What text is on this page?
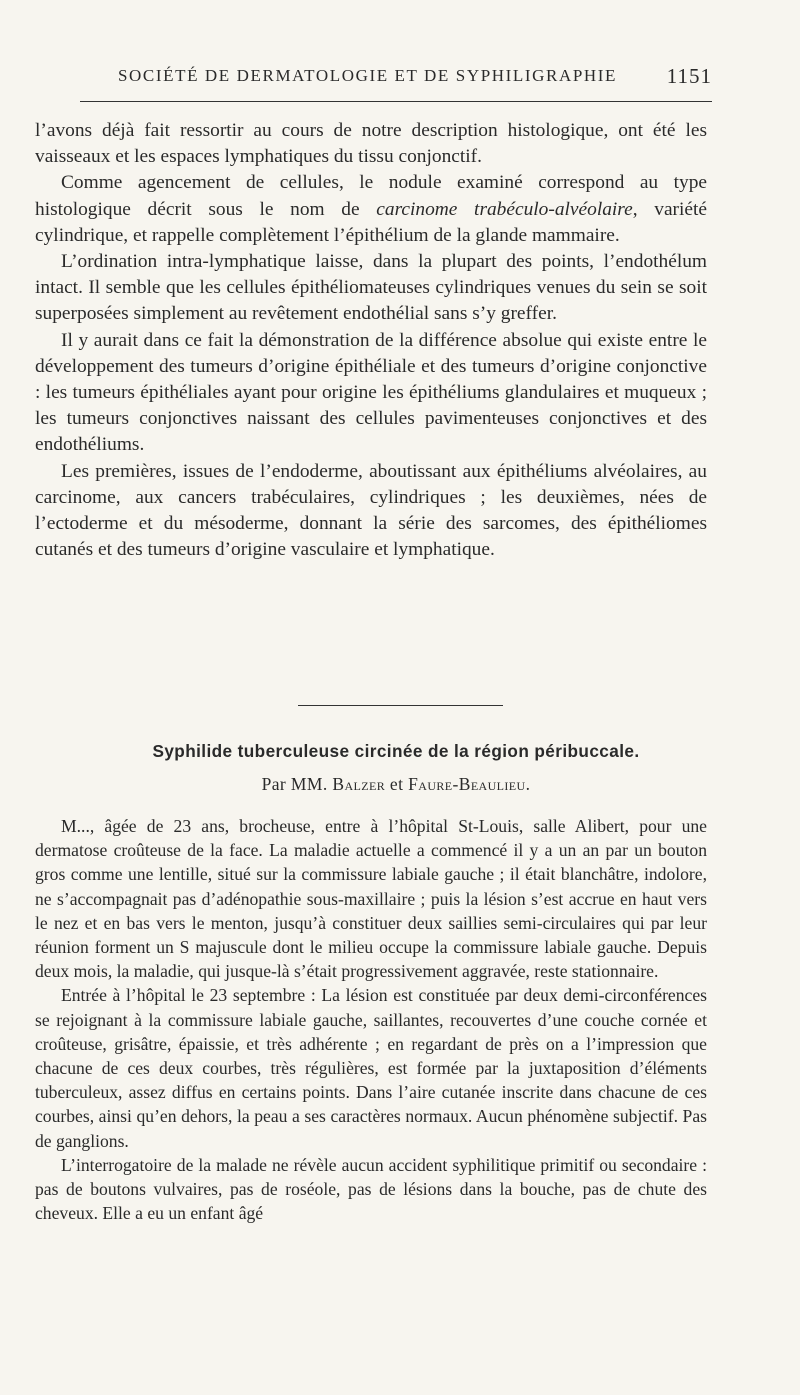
SOCIÉTÉ DE DERMATOLOGIE ET DE SYPHILIGRAPHIE 1151

l’avons déjà fait ressortir au cours de notre description histologique, ont été les vaisseaux et les espaces lymphatiques du tissu conjonctif.

Comme agencement de cellules, le nodule examiné correspond au type histologique décrit sous le nom de carcinome trabéculo-alvéolaire, variété cylindrique, et rappelle complètement l’épithélium de la glande mammaire.

L’ordination intra-lymphatique laisse, dans la plupart des points, l’endothélum intact. Il semble que les cellules épithéliomateuses cylindriques venues du sein se soit superposées simplement au revêtement endothélial sans s’y greffer.

Il y aurait dans ce fait la démonstration de la différence absolue qui existe entre le développement des tumeurs d’origine épithéliale et des tumeurs d’origine conjonctive : les tumeurs épithéliales ayant pour origine les épithéliums glandulaires et muqueux ; les tumeurs conjonctives naissant des cellules pavimenteuses conjonctives et des endothéliums.

Les premières, issues de l’endoderme, aboutissant aux épithéliums alvéolaires, au carcinome, aux cancers trabéculaires, cylindriques ; les deuxièmes, nées de l’ectoderme et du mésoderme, donnant la série des sarcomes, des épithéliomes cutanés et des tumeurs d’origine vasculaire et lymphatique.

Syphilide tuberculeuse circinée de la région péribuccale.
Par MM. Balzer et Faure-Beaulieu.

M..., âgée de 23 ans, brocheuse, entre à l’hôpital St-Louis, salle Alibert, pour une dermatose croûteuse de la face. La maladie actuelle a commencé il y a un an par un bouton gros comme une lentille, situé sur la commissure labiale gauche ; il était blanchâtre, indolore, ne s’accompagnait pas d’adénopathie sous-maxillaire ; puis la lésion s’est accrue en haut vers le nez et en bas vers le menton, jusqu’à constituer deux saillies semi-circulaires qui par leur réunion forment un S majuscule dont le milieu occupe la commissure labiale gauche. Depuis deux mois, la maladie, qui jusque-là s’était progressivement aggravée, reste stationnaire.

Entrée à l’hôpital le 23 septembre : La lésion est constituée par deux demi-circonférences se rejoignant à la commissure labiale gauche, saillantes, recouvertes d’une couche cornée et croûteuse, grisâtre, épaissie, et très adhérente ; en regardant de près on a l’impression que chacune de ces deux courbes, très régulières, est formée par la juxtaposition d’éléments tuberculeux, assez diffus en certains points. Dans l’aire cutanée inscrite dans chacune de ces courbes, ainsi qu’en dehors, la peau a ses caractères normaux. Aucun phénomène subjectif. Pas de ganglions.

L’interrogatoire de la malade ne révèle aucun accident syphilitique primitif ou secondaire : pas de boutons vulvaires, pas de roséole, pas de lésions dans la bouche, pas de chute des cheveux. Elle a eu un enfant âgé
